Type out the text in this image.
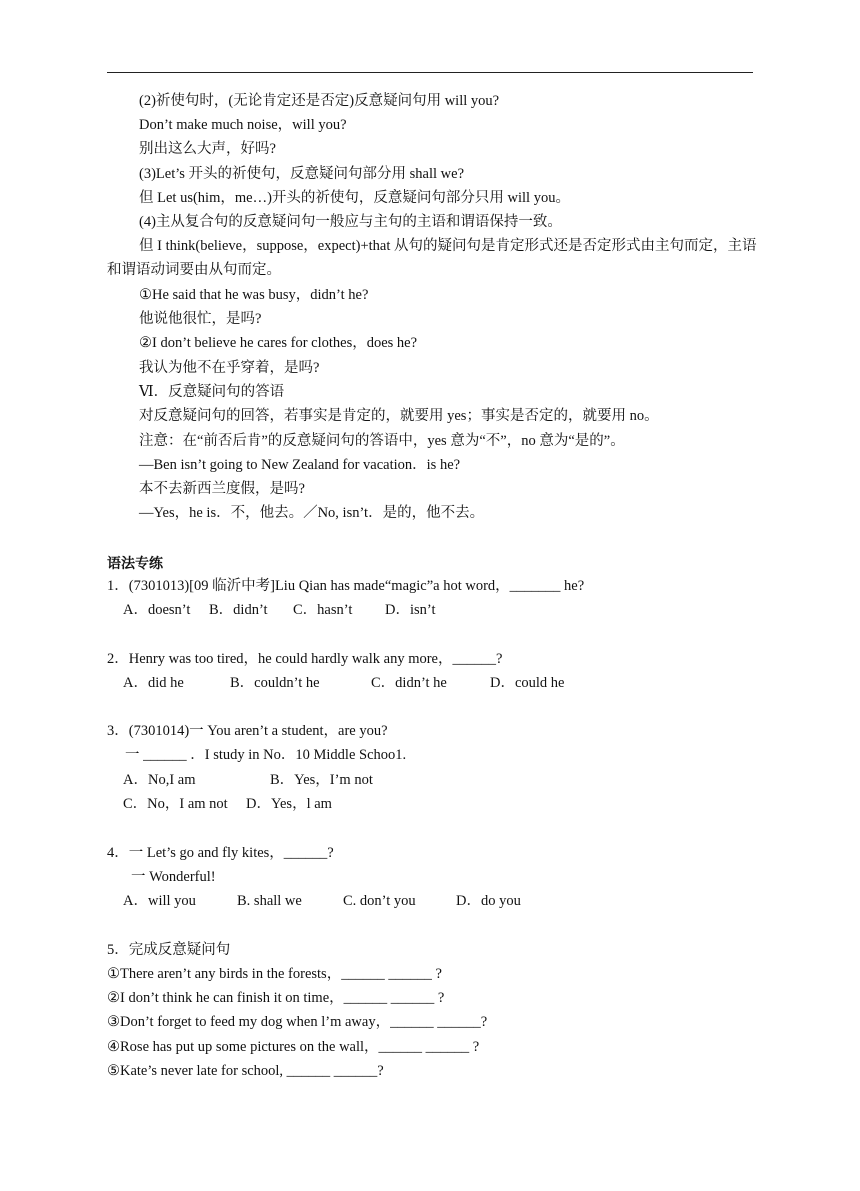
(2)祈使句时，(无论肯定还是否定)反意疑问句用 will you?
Don’t make much noise，will you?
别出这么大声，好吗?
(3)Let’s 开头的祈使句，反意疑问句部分用 shall we?
但 Let us(him，me…)开头的祈使句，反意疑问句部分只用 will you。
(4)主从复合句的反意疑问句一般应与主句的主语和谓语保持一致。
但 I think(believe，suppose，expect)+that 从句的疑问句是肯定形式还是否定形式由主句而定，主语和谓语动词要由从句而定。
①He said that he was busy，didn’t he?
他说他很忙，是吗?
②I don’t believe he cares for clothes，does he?
我认为他不在乎穿着，是吗?
Ⅵ．反意疑问句的答语
对反意疑问句的回答，若事实是肯定的，就要用 yes；事实是否定的，就要用 no。
注意：在“前否后肯”的反意疑问句的答语中，yes 意为“不”，no 意为“是的”。
—Ben isn’t going to New Zealand for vacation．is he?
本不去新西兰度假，是吗?
—Yes，he is．不，他去。／No, isn’t．是的，他不去。
语法专练
1．(7301013)[09 临沂中考]Liu Qian has made“magic”a hot word，_______ he?
A．doesn’t B．didn’t C．hasn’t D．isn’t
2．Henry was too tired，he could hardly walk any more，______?
A．did he	B．couldn’t he	C．didn’t he	D．could he
3．(7301014)一 You aren’t a student，are you?
一 ______ ．I study in No．10 Middle Schoo1.
A．No,I am	B．Yes，I’m not
C．No，I am not D．Yes，l am
4．一 Let’s go and fly kites，______?
一 Wonderful!
A．will you	B. shall we	C. don’t you	D．do you
5．完成反意疑问句
①There aren’t any birds in the forests，______ ______ ?
②I don’t think he can finish it on time，______ ______ ?
③Don’t forget to feed my dog when l’m away，______ ______?
④Rose has put up some pictures on the wall，______ ______ ?
⑤Kate’s never late for school, ______ ______?
